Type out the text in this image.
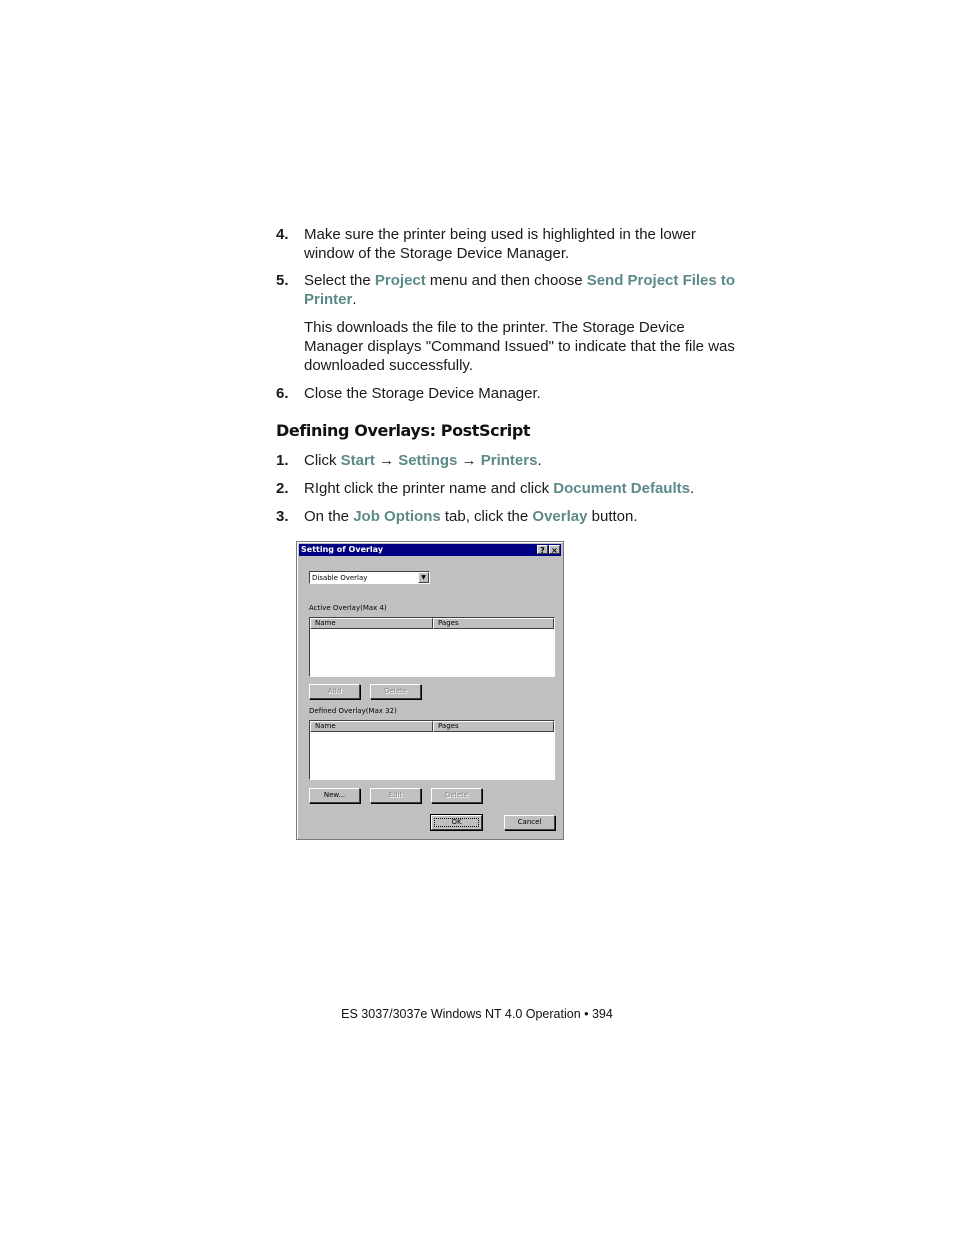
4. Make sure the printer being used is highlighted in the lower window of the Storage Device Manager.
5. Select the Project menu and then choose Send Project Files to Printer.
This downloads the file to the printer. The Storage Device Manager displays "Command Issued" to indicate that the file was downloaded successfully.
6. Close the Storage Device Manager.
Defining Overlays: PostScript
1. Click Start → Settings → Printers.
2. RIght click the printer name and click Document Defaults.
3. On the Job Options tab, click the Overlay button.
Setting of Overlay	? ×
Disable Overlay	▼
Active Overlay(Max 4)
Name	Pages
Add	Delete
Defined Overlay(Max 32)
Name	Pages
New...	Edit	Delete
OK	Cancel
ES 3037/3037e Windows NT 4.0 Operation • 394
